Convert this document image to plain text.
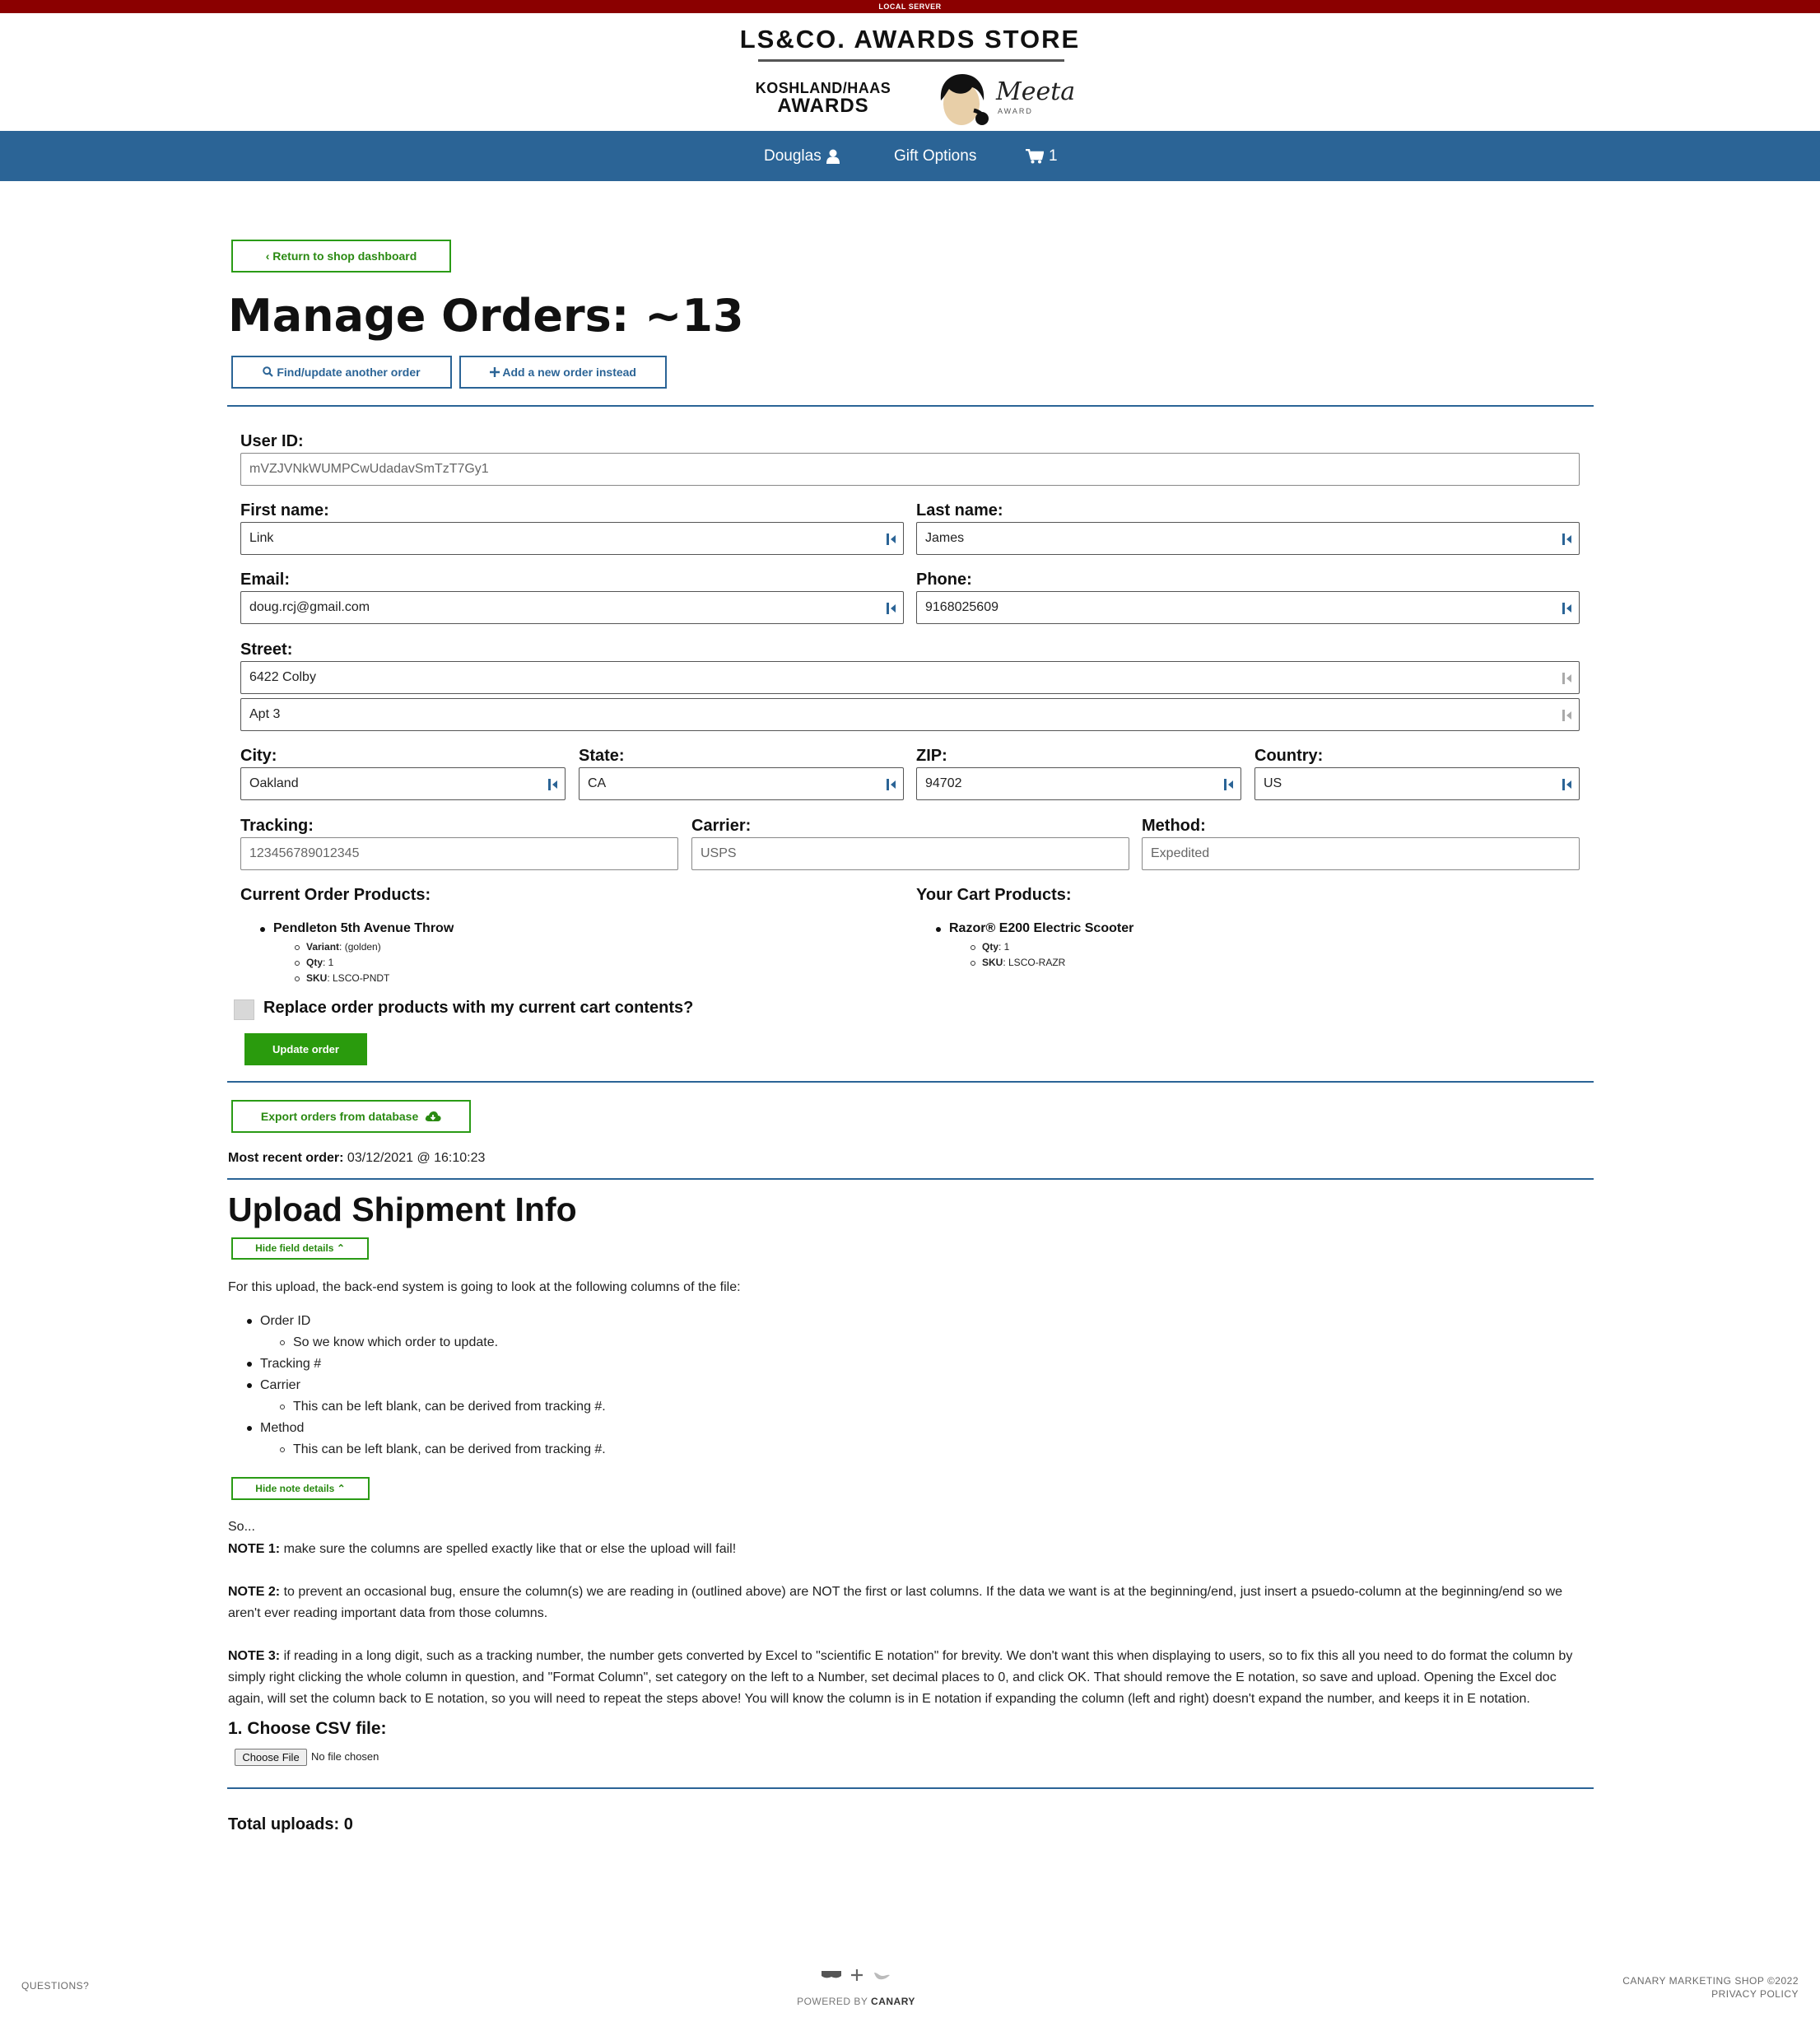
LOCAL SERVER
LS&CO. AWARDS STORE
KOSHLAND/HAAS
AWARDS	Meeta
AWARD
Douglas	Gift Options	1
‹ Return to shop dashboard
Manage Orders: ~13
Find/update another order	Add a new order instead
User ID:
mVZJVNkWUMPCwUdadavSmTzT7Gy1
First name:
Link
Last name:
James
Email:
doug.rcj@gmail.com
Phone:
9168025609
Street:
6422 Colby
Apt 3
City:
Oakland
State:
CA
ZIP:
94702
Country:
US
Tracking:
123456789012345
Carrier:
USPS
Method:
Expedited
Current Order Products:
Pendleton 5th Avenue Throw
Variant: (golden)
Qty: 1
SKU: LSCO-PNDT
Your Cart Products:
Razor® E200 Electric Scooter
Qty: 1
SKU: LSCO-RAZR
Replace order products with my current cart contents?
Update order
Export orders from database
Most recent order: 03/12/2021 @ 16:10:23
Upload Shipment Info
Hide field details ⌃
For this upload, the back-end system is going to look at the following columns of the file:
Order ID
So we know which order to update.
Tracking #
Carrier
This can be left blank, can be derived from tracking #.
Method
This can be left blank, can be derived from tracking #.
Hide note details ⌃
So...
NOTE 1: make sure the columns are spelled exactly like that or else the upload will fail!
NOTE 2: to prevent an occasional bug, ensure the column(s) we are reading in (outlined above) are NOT the first or last columns. If the data we want is at the beginning/end, just insert a psuedo-column at the beginning/end so we aren't ever reading important data from those columns.
NOTE 3: if reading in a long digit, such as a tracking number, the number gets converted by Excel to "scientific E notation" for brevity. We don't want this when displaying to users, so to fix this all you need to do format the column by simply right clicking the whole column in question, and "Format Column", set category on the left to a Number, set decimal places to 0, and click OK. That should remove the E notation, so save and upload. Opening the Excel doc again, will set the column back to E notation, so you will need to repeat the steps above! You will know the column is in E notation if expanding the column (left and right) doesn't expand the number, and keeps it in E notation.
1. Choose CSV file:
Choose File	No file chosen
Total uploads: 0
QUESTIONS?

POWERED BY CANARY
CANARY MARKETING SHOP ©2022
PRIVACY POLICY
